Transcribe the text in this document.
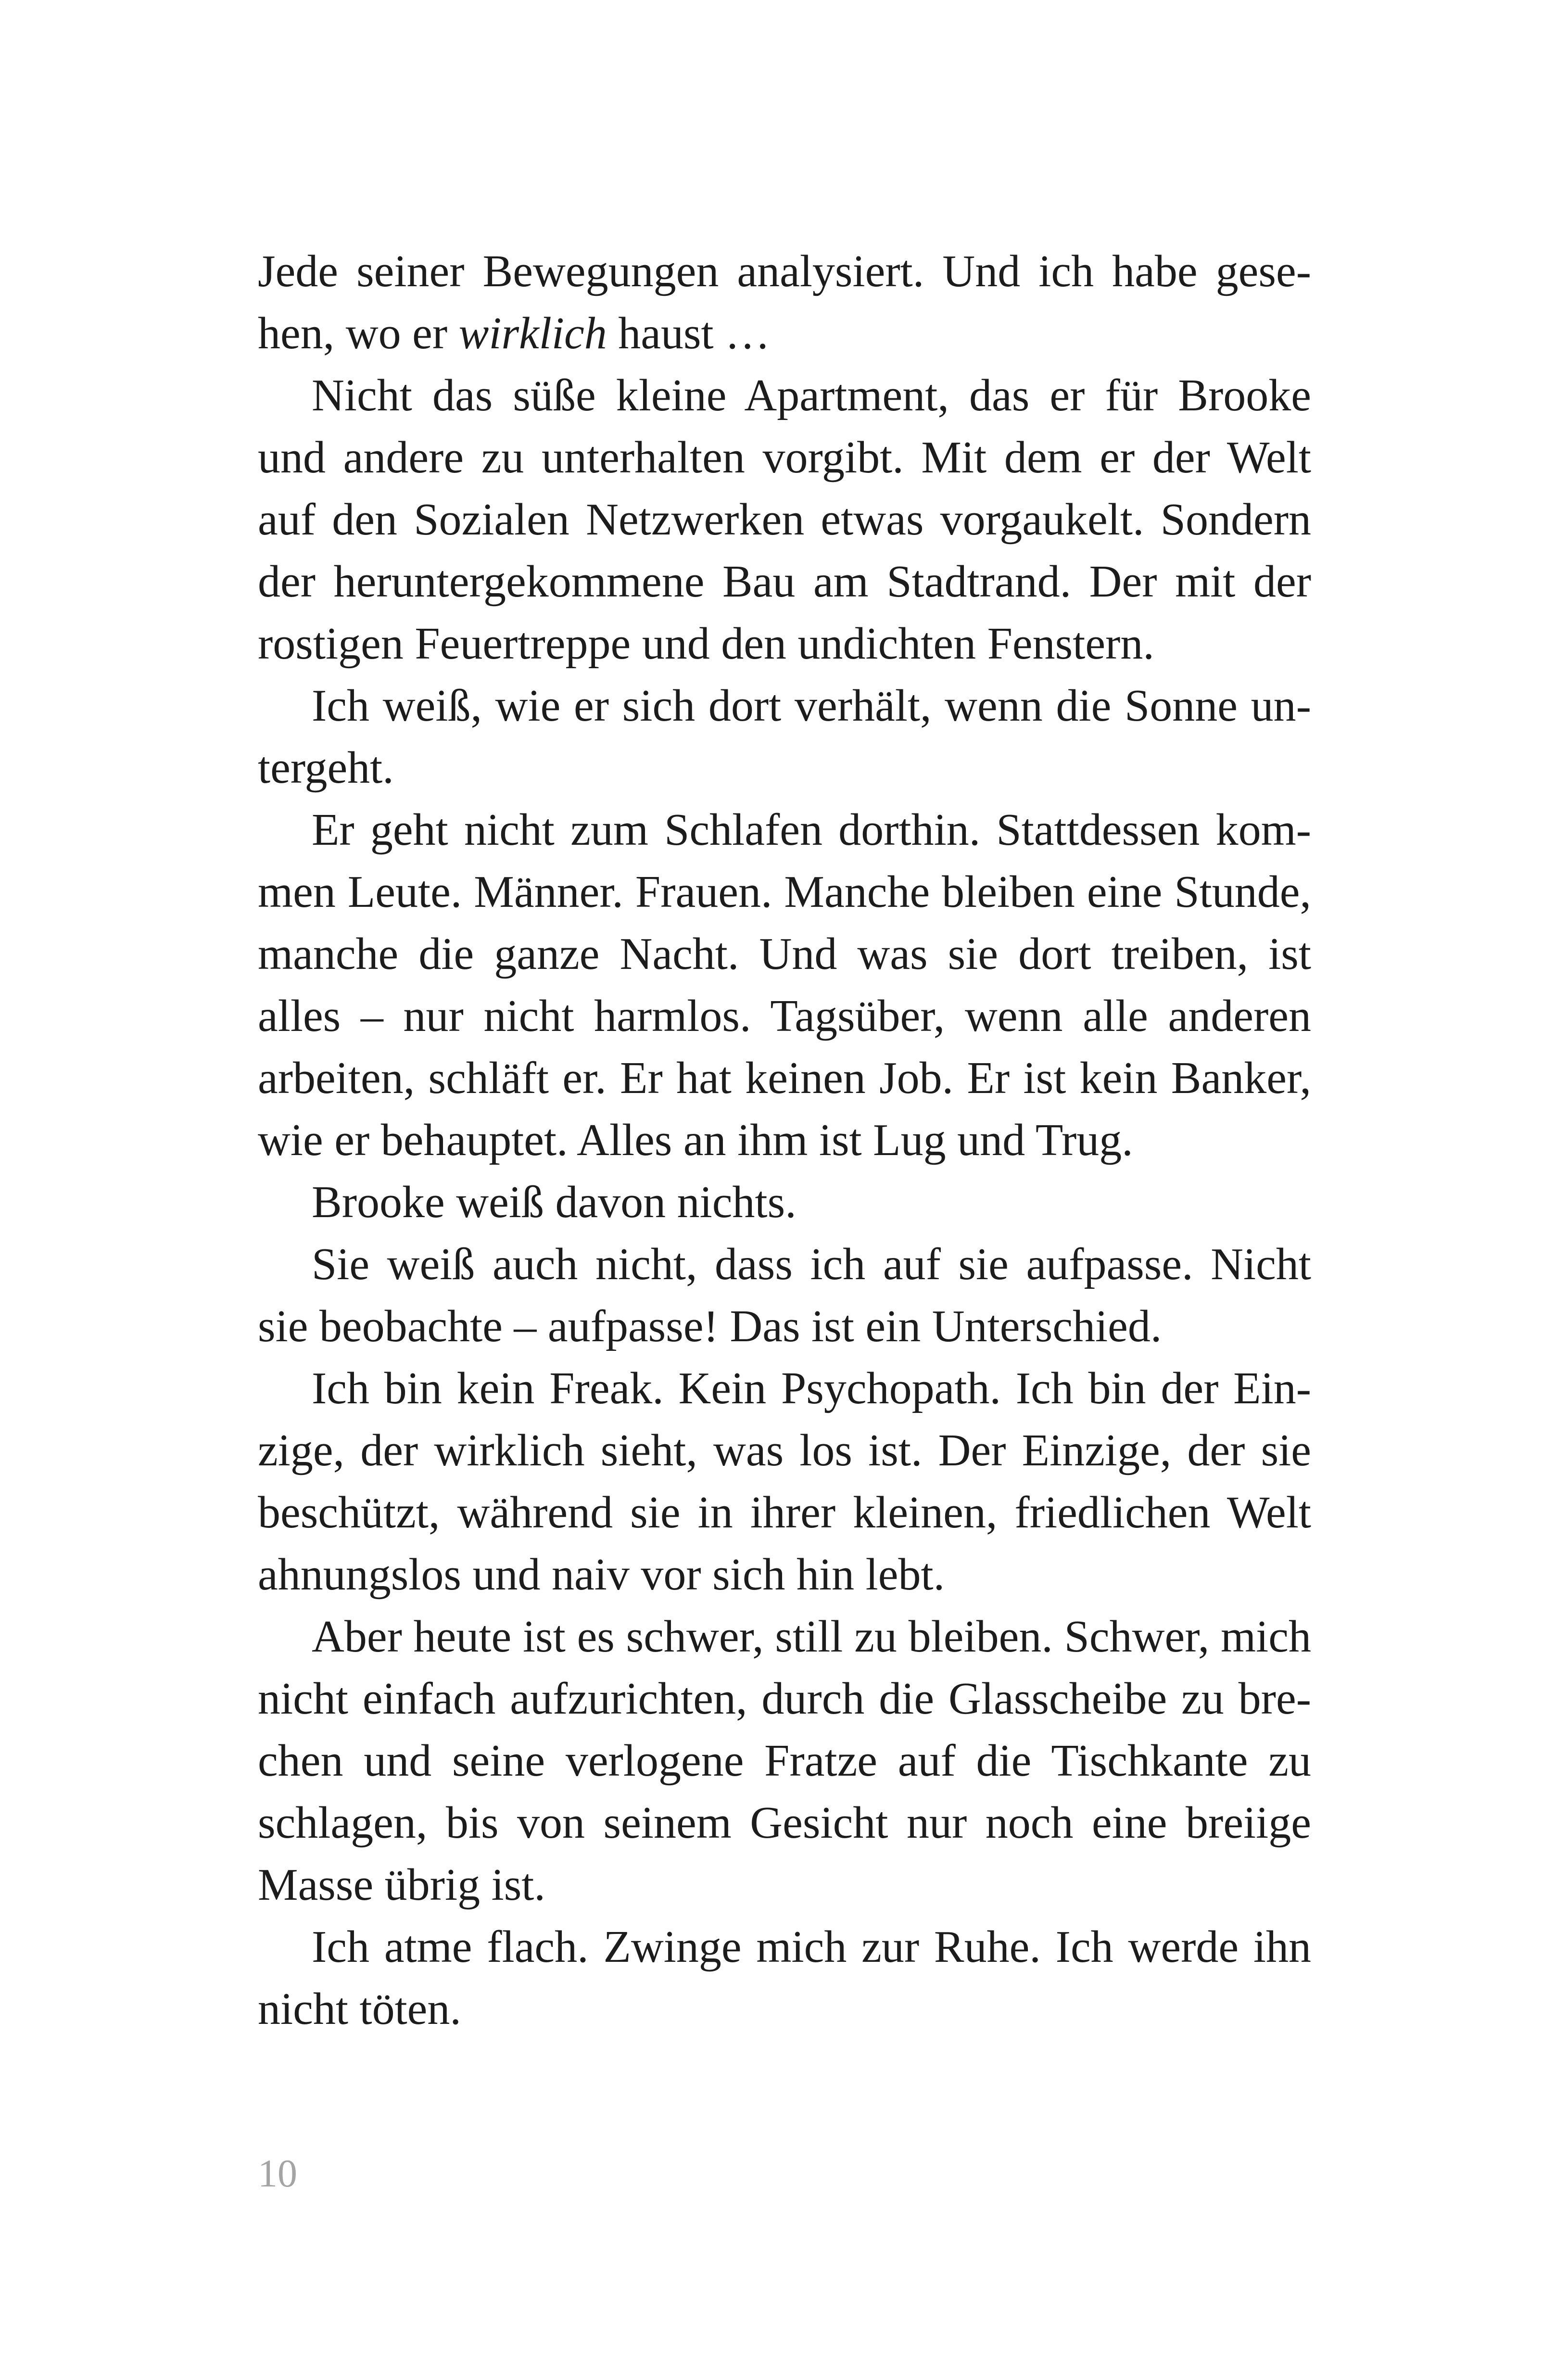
Jede seiner Bewegungen analysiert. Und ich habe gesehen, wo er wirklich haust …

Nicht das süße kleine Apartment, das er für Brooke und andere zu unterhalten vorgibt. Mit dem er der Welt auf den Sozialen Netzwerken etwas vorgaukelt. Sondern der heruntergekommene Bau am Stadtrand. Der mit der rostigen Feuertreppe und den undichten Fenstern.

Ich weiß, wie er sich dort verhält, wenn die Sonne untergeht.

Er geht nicht zum Schlafen dorthin. Stattdessen kommen Leute. Männer. Frauen. Manche bleiben eine Stunde, manche die ganze Nacht. Und was sie dort treiben, ist alles – nur nicht harmlos. Tagsüber, wenn alle anderen arbeiten, schläft er. Er hat keinen Job. Er ist kein Banker, wie er behauptet. Alles an ihm ist Lug und Trug.

Brooke weiß davon nichts.

Sie weiß auch nicht, dass ich auf sie aufpasse. Nicht sie beobachte – aufpasse! Das ist ein Unterschied.

Ich bin kein Freak. Kein Psychopath. Ich bin der Einzige, der wirklich sieht, was los ist. Der Einzige, der sie beschützt, während sie in ihrer kleinen, friedlichen Welt ahnungslos und naiv vor sich hin lebt.

Aber heute ist es schwer, still zu bleiben. Schwer, mich nicht einfach aufzurichten, durch die Glasscheibe zu brechen und seine verlogene Fratze auf die Tischkante zu schlagen, bis von seinem Gesicht nur noch eine breiige Masse übrig ist.

Ich atme flach. Zwinge mich zur Ruhe. Ich werde ihn nicht töten.

10
